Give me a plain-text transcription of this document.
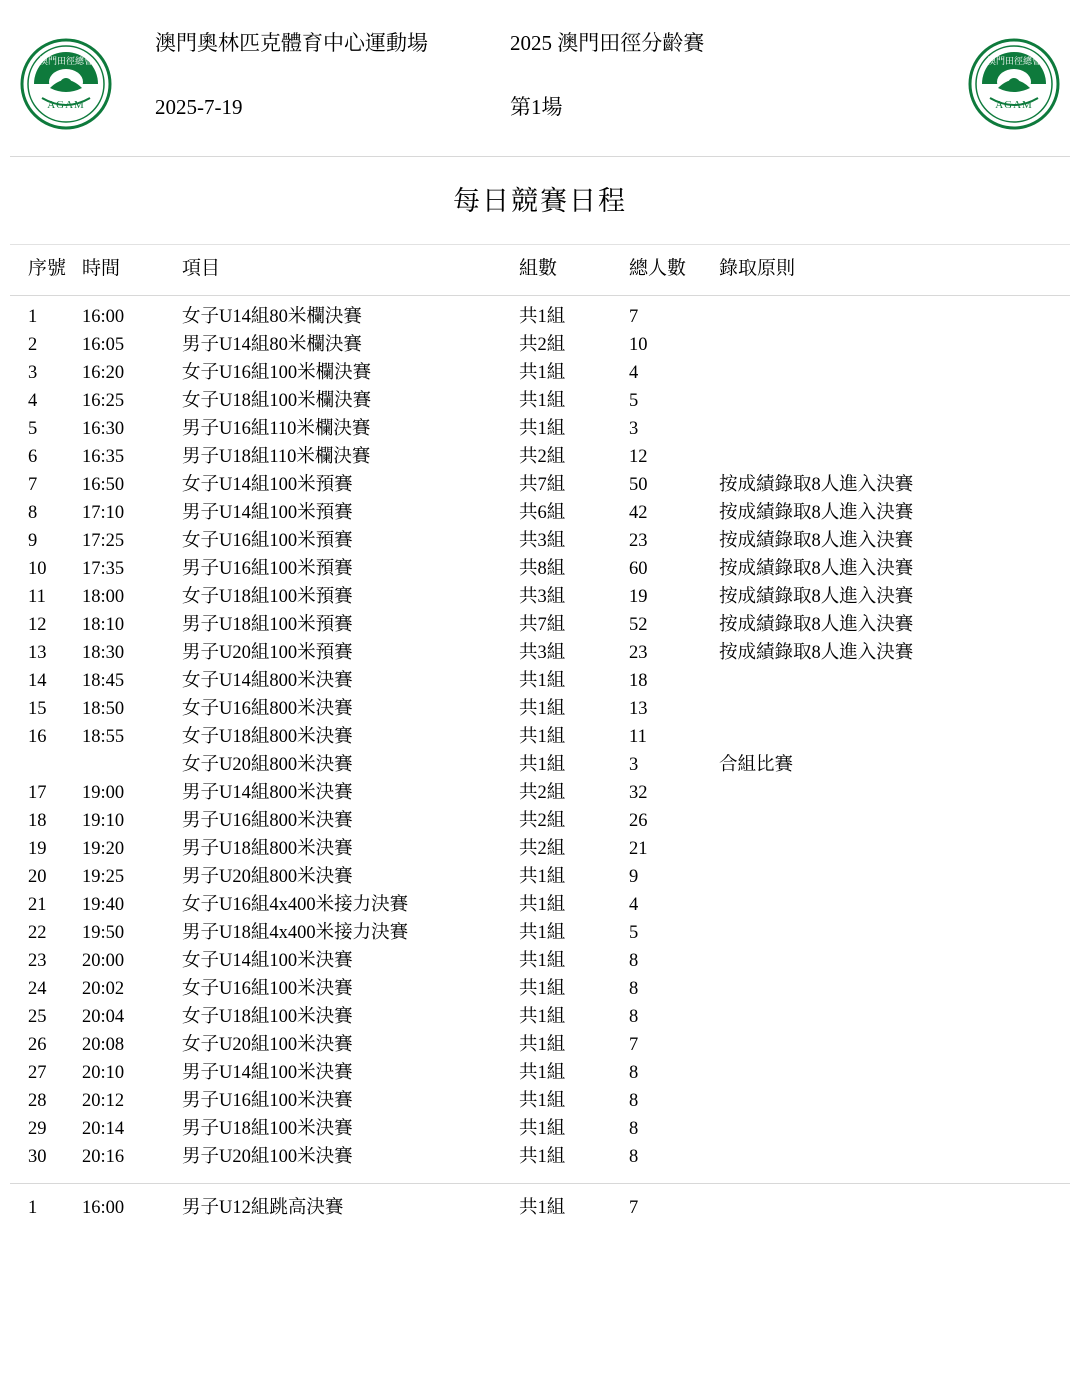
澳門田徑總會
AGAM
澳門田徑總會
AGAM
澳門奧林匹克體育中心運動場	2025 澳門田徑分齡賽
2025-7-19	第1場
每日競賽日程
序號	時間	項目	組數	總人數	錄取原則

1	16:00	女子U14組80米欄決賽	共1組	7	
2	16:05	男子U14組80米欄決賽	共2組	10	
3	16:20	女子U16組100米欄決賽	共1組	4	
4	16:25	女子U18組100米欄決賽	共1組	5	
5	16:30	男子U16組110米欄決賽	共1組	3	
6	16:35	男子U18組110米欄決賽	共2組	12	
7	16:50	女子U14組100米預賽	共7組	50	按成績錄取8人進入決賽
8	17:10	男子U14組100米預賽	共6組	42	按成績錄取8人進入決賽
9	17:25	女子U16組100米預賽	共3組	23	按成績錄取8人進入決賽
10	17:35	男子U16組100米預賽	共8組	60	按成績錄取8人進入決賽
11	18:00	女子U18組100米預賽	共3組	19	按成績錄取8人進入決賽
12	18:10	男子U18組100米預賽	共7組	52	按成績錄取8人進入決賽
13	18:30	男子U20組100米預賽	共3組	23	按成績錄取8人進入決賽
14	18:45	女子U14組800米決賽	共1組	18	
15	18:50	女子U16組800米決賽	共1組	13	
16	18:55	女子U18組800米決賽	共1組	11	
		女子U20組800米決賽	共1組	3	合組比賽
17	19:00	男子U14組800米決賽	共2組	32	
18	19:10	男子U16組800米決賽	共2組	26	
19	19:20	男子U18組800米決賽	共2組	21	
20	19:25	男子U20組800米決賽	共1組	9	
21	19:40	女子U16組4x400米接力決賽	共1組	4	
22	19:50	男子U18組4x400米接力決賽	共1組	5	
23	20:00	女子U14組100米決賽	共1組	8	
24	20:02	女子U16組100米決賽	共1組	8	
25	20:04	女子U18組100米決賽	共1組	8	
26	20:08	女子U20組100米決賽	共1組	7	
27	20:10	男子U14組100米決賽	共1組	8	
28	20:12	男子U16組100米決賽	共1組	8	
29	20:14	男子U18組100米決賽	共1組	8	
30	20:16	男子U20組100米決賽	共1組	8	

1	16:00	男子U12組跳高決賽	共1組	7	
